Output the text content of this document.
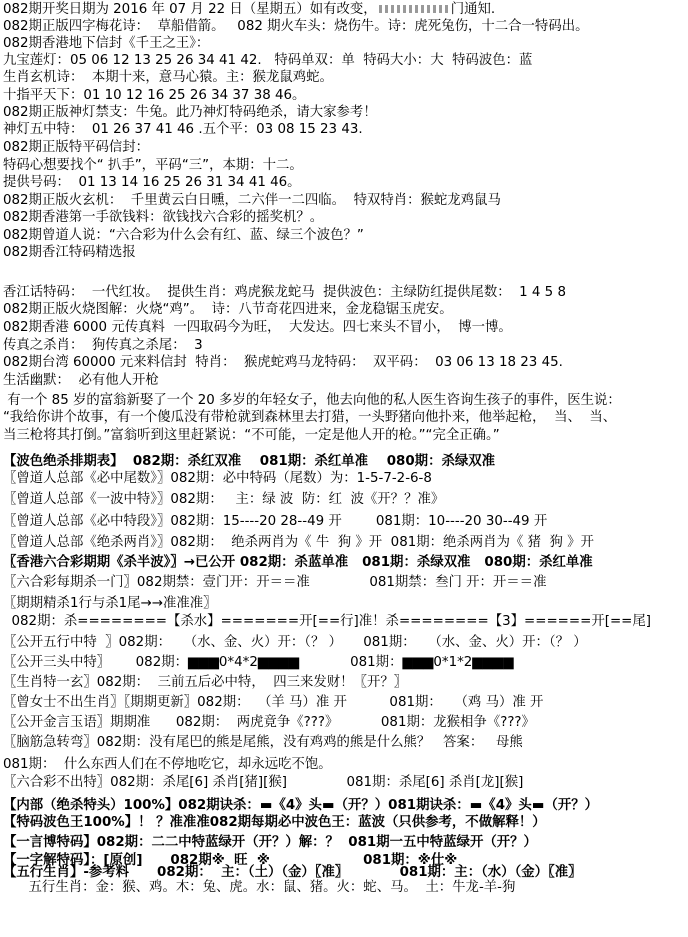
082期开奖日期为 2016 年 07 月 22 日（星期五）如有改变，	门通知.
082期正版四字梅花诗：  草船借箭。   082 期火车头：烧伤牛。诗：虎死兔伤，十二合一特码出。
082期香港地下信封《千王之王》：
九宝莲灯：05 06 12 13 25 26 34 41 42.   特码单双：单  特码大小：大  特码波色：蓝
生肖玄机诗：  本期十来，意马心猿。主：猴龙鼠鸡蛇。
十指平天下：01 10 12 16 25 26 34 37 38 46。
082期正版神灯禁支：牛兔。此乃神灯特码绝杀，请大家参考！
神灯五中特：  01 26 37 41 46 .五个平：03 08 15 23 43.
082期正版特平码信封：
特码心想要找个“ 扒手”，平码“三”，本期：十二。
提供号码：  01 13 14 16 25 26 31 34 41 46。
082期正版火玄机：  千里黄云白日曛，二六伴一二四临。  特双特肖：猴蛇龙鸡鼠马
082期香港第一手欲钱料：欲钱找六合彩的摇奖机？。
082期曾道人说：“六合彩为什么会有红、蓝、绿三个波色？”
082期香江特码精选报
香江话特码：  一代红妆。  提供生肖：鸡虎猴龙蛇马  提供波色：主绿防红提供尾数：  1 4 5 8
082期正版火烧图解：火烧“鸡”。  诗：八节奇花四进来，金龙稳锯玉虎安。
082期香港 6000 元传真料  一四取码今为旺，  大发达。四七来头不冒小，  博一博。
传真之杀肖：  狗传真之杀尾：  3
082期台湾 60000 元来料信封  特肖：  猴虎蛇鸡马龙特码：  双平码：  03 06 13 18 23 45.
生活幽默：  必有他人开枪
有一个 85 岁的富翁新娶了一个 20 多岁的年轻女子，他去向他的私人医生咨询生孩子的事件，医生说：
“我给你讲个故事，有一个傻瓜没有带枪就到森林里去打猎，一头野猪向他扑来，他举起枪，  当、  当、
当三枪将其打倒。”富翁听到这里赶紧说：“不可能，一定是他人开的枪。”“完全正确。”
【波色绝杀排期表】  082期：杀红双准    081期：杀红单准    080期：杀绿双准
〖曾道人总部《必中尾数》〗082期：必中特码（尾数）为：1-5-7-2-6-8
〖曾道人总部《一波中特》〗082期：   主：绿 波  防：红  波《开？？准》
〖曾道人总部《必中特段》〗082期：15----20 28--49 开        081期：10----20 30--49 开
〖曾道人总部《绝杀两肖》〗082期：  绝杀两肖为《 牛  狗 》开  081期：绝杀两肖为《 猪  狗 》开
〖香港六合彩期期《杀半波》〗→已公开 082期：杀蓝单准   081期：杀绿双准   080期：杀红单准
〖六合彩每期杀一门〗082期禁：壹门开：开＝＝准              081期禁：叁门 开：开＝＝准
〖期期精杀1行与杀1尾→→准准准〗
082期：杀========【杀水】=======开[==行]准！杀========【3】======开[==尾]
〖公开五行中特  〗082期：   （水、金、火）开：（？ ）     081期：   （水、金、火）开：（？ ）
〖公开三头中特〗      082期：▆▆▆0*4*2▆▆▆▆            081期：▆▆▆0*1*2▆▆▆▆
〖生肖特一玄〗082期：  三前五后必中特，  四三来发财！〖开？〗
〖曾女士不出生肖〗〖期期更新〗082期：  （羊 马）准 开          081期：   （鸡 马）准 开
〖公开金言玉语〗期期准      082期：  两虎竟争《???》          081期：龙猴相争《???》
〖脑筋急转弯〗082期：没有尾巴的熊是尾熊，没有鸡鸡的熊是什么熊？   答案：   母熊
081期：  什么东西人们在不停地吃它，却永远吃不饱。
〖六合彩不出特〗082期：杀尾[6] 杀肖[猪][猴]              081期：杀尾[6] 杀肖[龙][猴]
【内部（绝杀特头）100%】082期诀杀：▬《4》头▬（开？）081期诀杀：▬《4》头▬（开？）
【特码波色王100%】！ ？准准准082期每期必中波色王：蓝波（只供参考，不做解释！）
【一言博特码】082期：二二中特蓝绿开（开？）解：？  081期一五中特蓝绿开（开？）
【一字解特码】：[原创]      082期※  旺  ※                    081期：※仕※
【五行生肖】-参考料      082期：  主：（土）（金）〖准〗           081期：主：（水）（金）〖准〗
五行生肖：金：猴、鸡。木：兔、虎。水：鼠、猪。火：蛇、马。  土：牛龙-羊-狗
